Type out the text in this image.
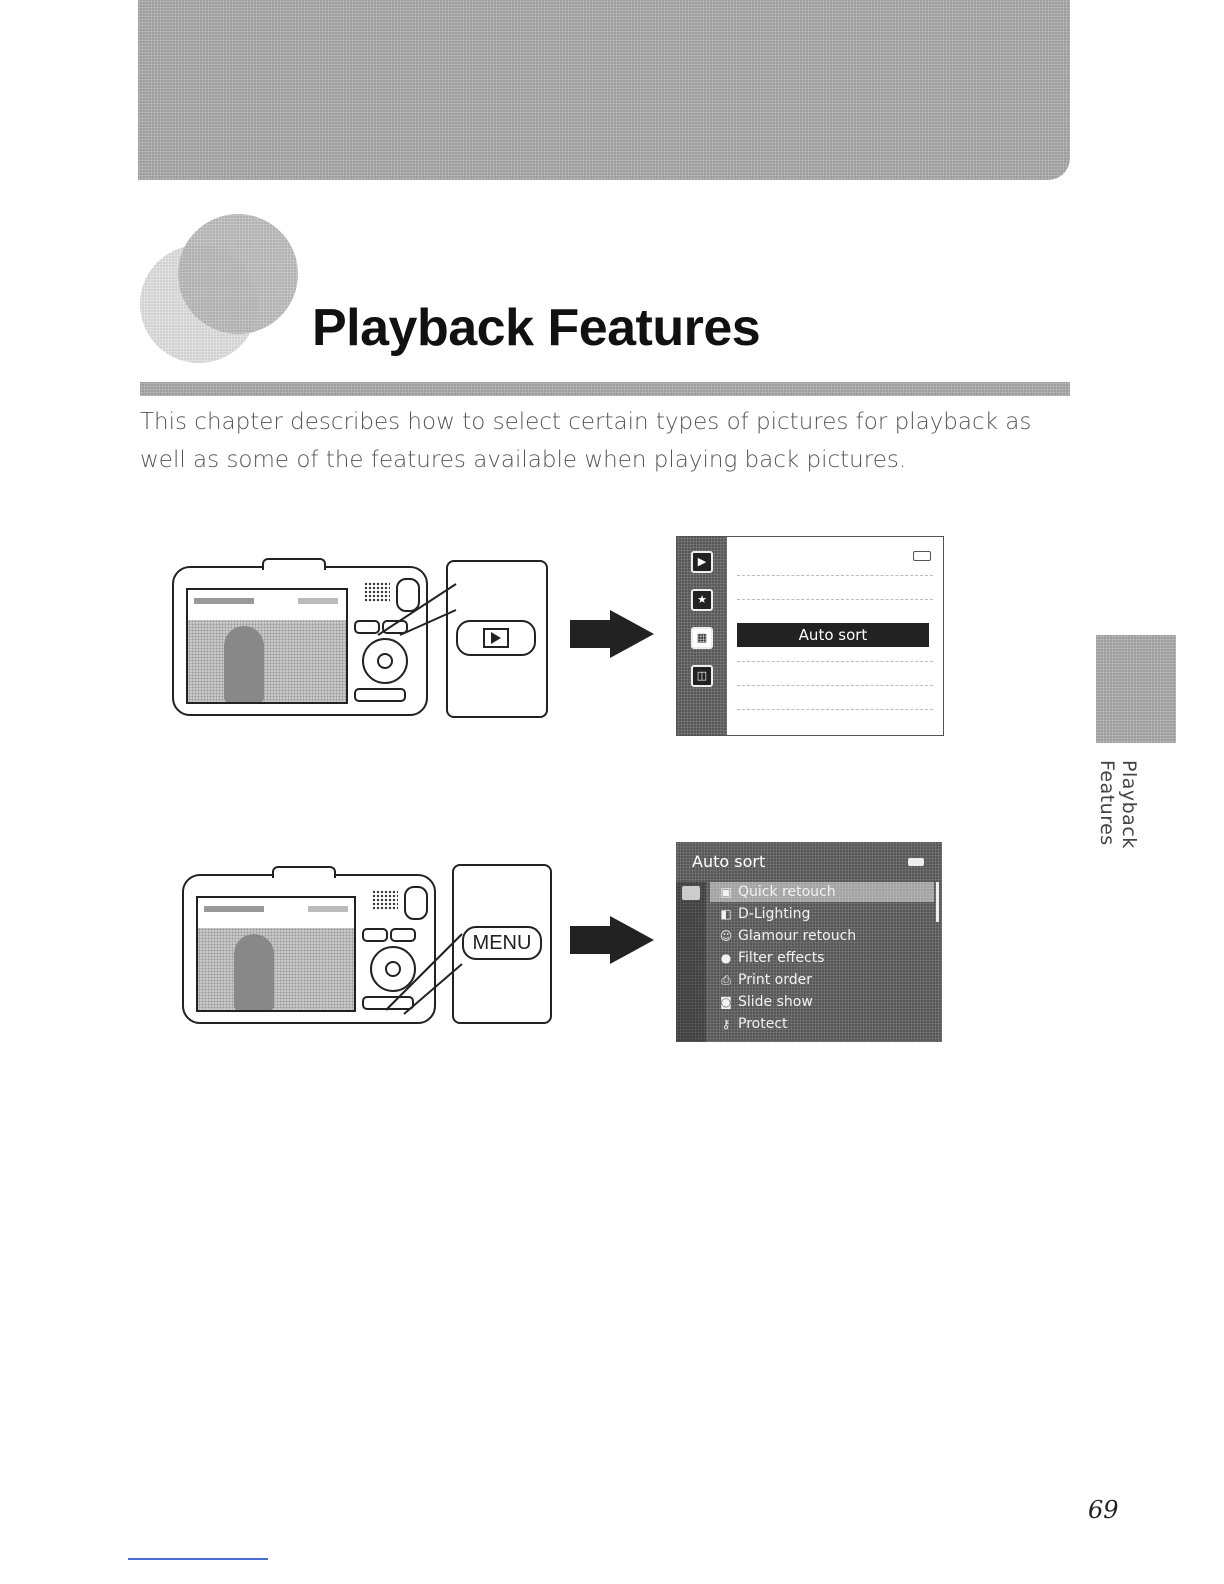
Playback Features

This chapter describes how to select certain types of pictures for playback as well as some of the features available when playing back pictures.

▶
★
▦
◫
Auto sort
MENU
Auto sort
▣ Quick retouch
◧ D-Lighting
☺ Glamour retouch
● Filter effects
⎙ Print order
◙ Slide show
⚷ Protect
Playback Features
69
